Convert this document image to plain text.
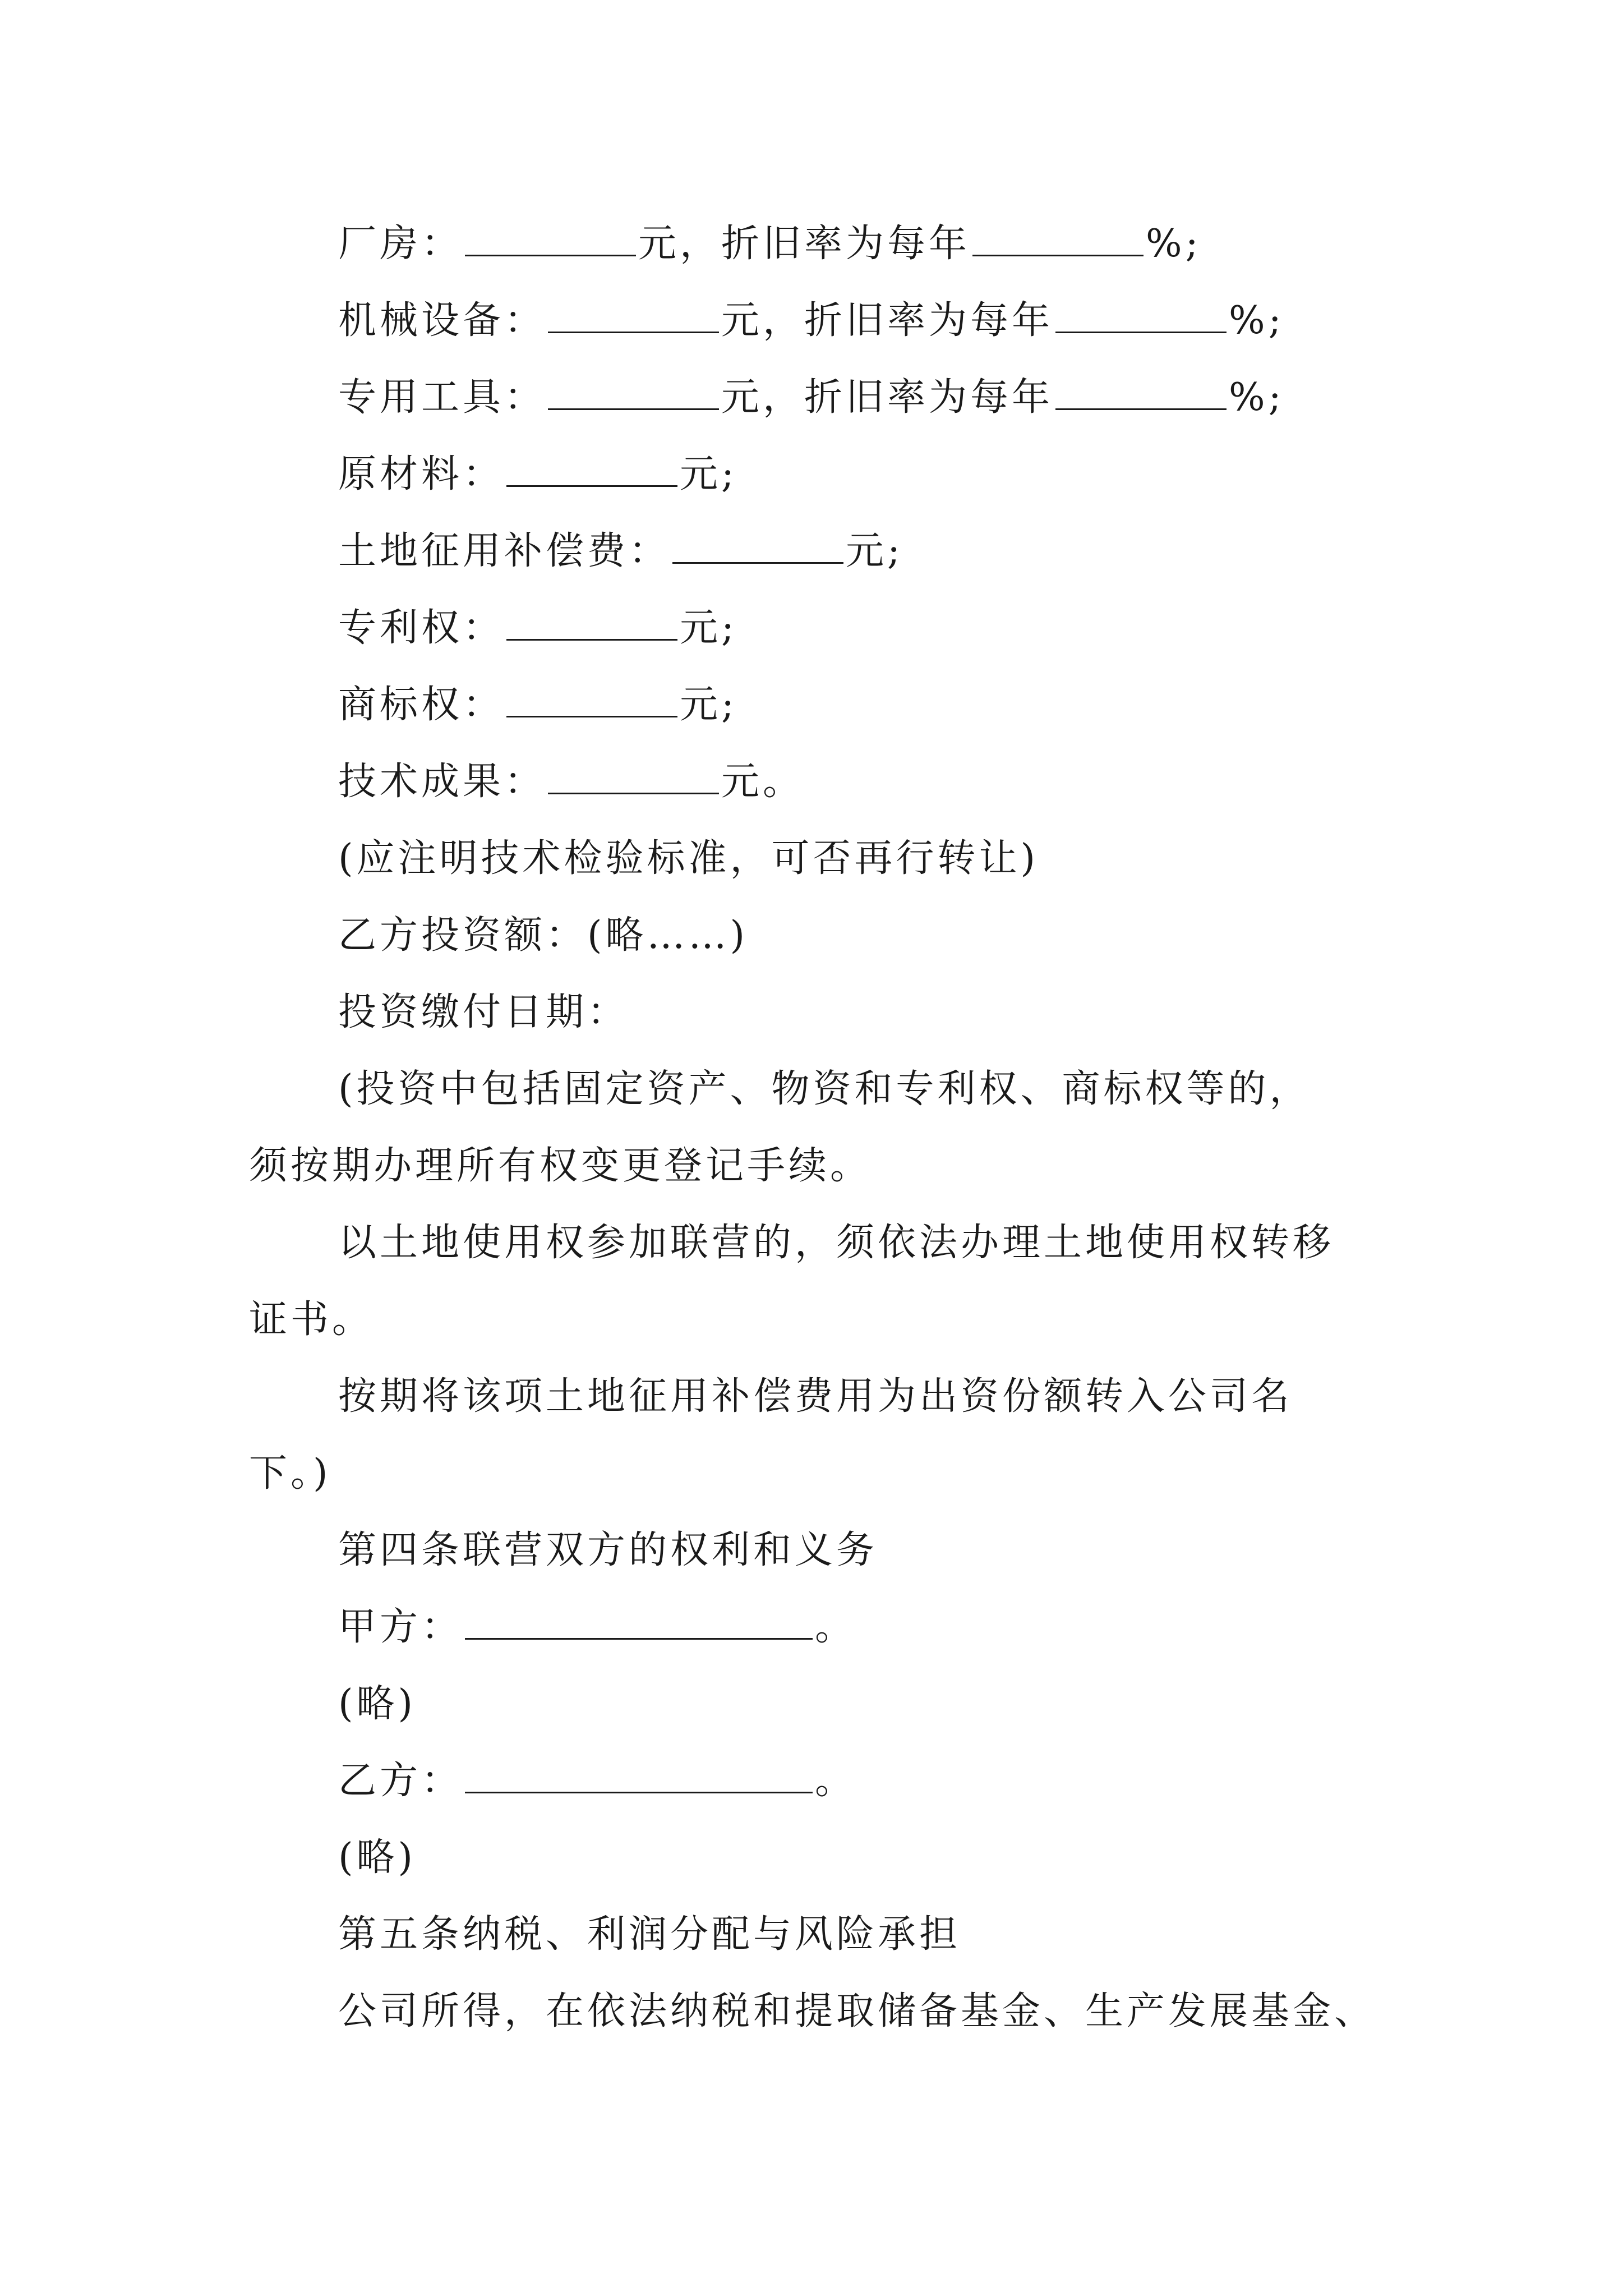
厂房：	元，折旧率为每年	%;
机械设备：	元，折旧率为每年	%;
专用工具：	元，折旧率为每年	%;
原材料：	元;
土地征用补偿费：	元;
专利权：	元;
商标权：	元;
技术成果：	元。
(应注明技术检验标准，可否再行转让)
乙方投资额：(略……)
投资缴付日期：
(投资中包括固定资产、物资和专利权、商标权等的，
须按期办理所有权变更登记手续。
以土地使用权参加联营的，须依法办理土地使用权转移
证书。
按期将该项土地征用补偿费用为出资份额转入公司名
下。)
第四条联营双方的权利和义务
甲方：	。
(略)
乙方：	。
(略)
第五条纳税、利润分配与风险承担
公司所得，在依法纳税和提取储备基金、生产发展基金、
